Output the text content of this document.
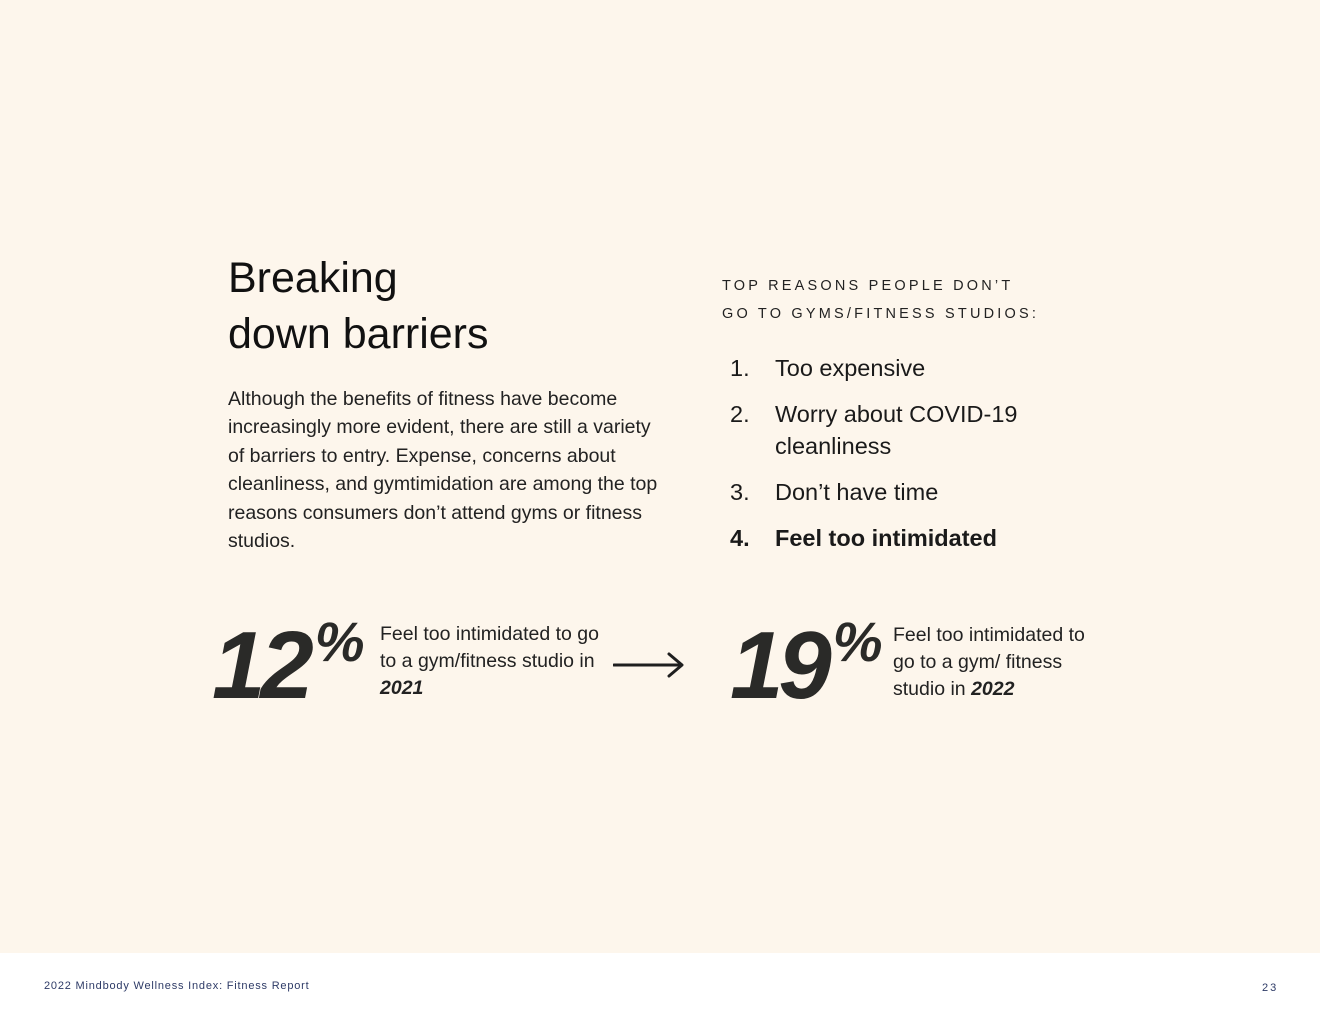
Breaking
down barriers

Although the benefits of fitness have become increasingly more evident, there are still a variety of barriers to entry. Expense, concerns about cleanliness, and gymtimidation are among the top reasons consumers don’t attend gyms or fitness studios.

TOP REASONS PEOPLE DON’T
GO TO GYMS/FITNESS STUDIOS:

1.	Too expensive
2.	Worry about COVID-19 cleanliness
3.	Don’t have time
4.	Feel too intimidated
12 % Feel too intimidated to go to a gym/fitness studio in 2021	19 % Feel too intimidated to go to a gym/ fitness studio in 2022
2022 Mindbody Wellness Index: Fitness Report	23
